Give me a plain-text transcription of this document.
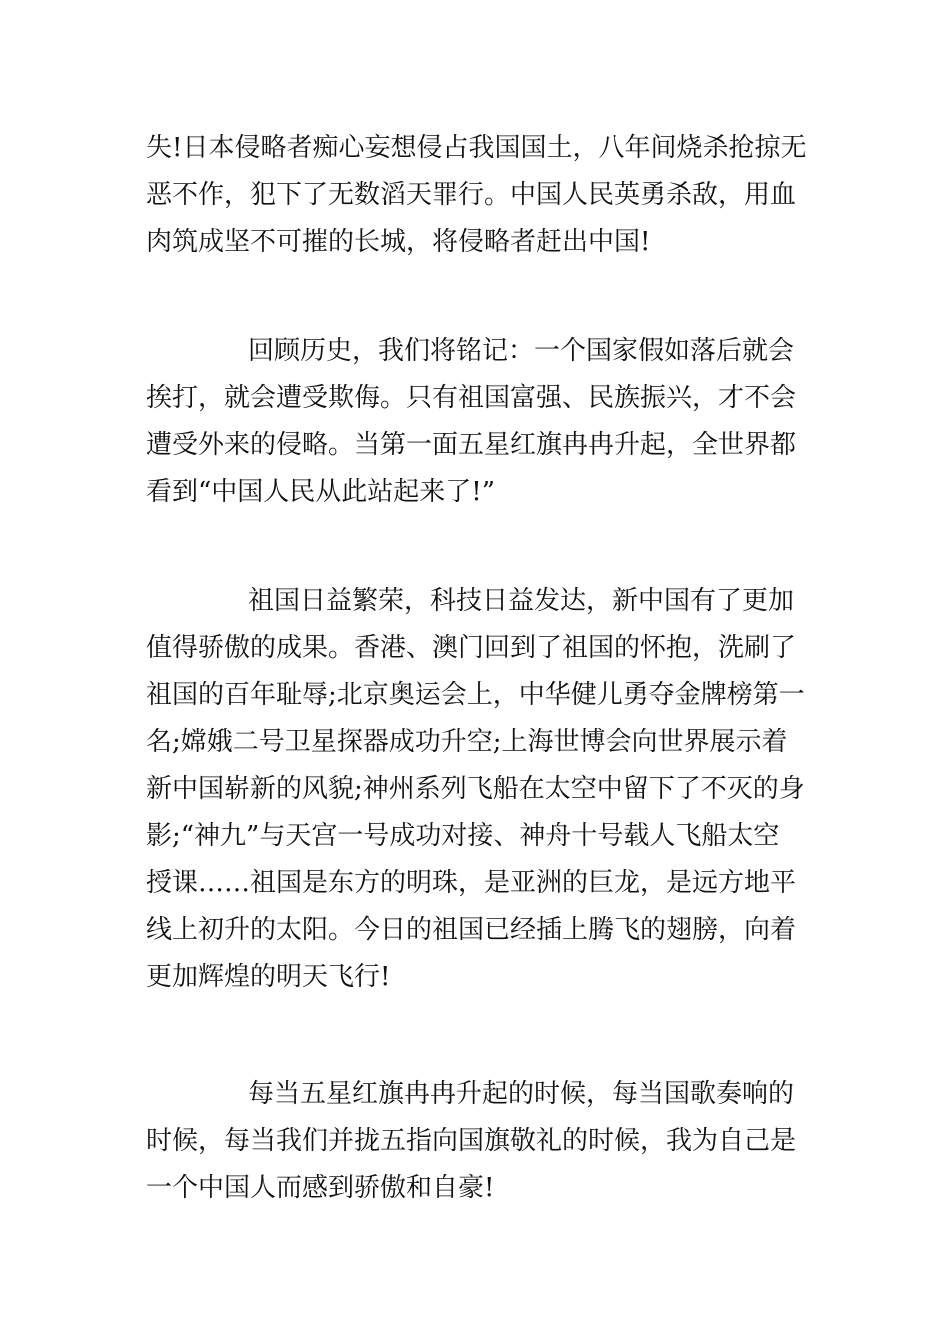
失!日本侵略者痴心妄想侵占我国国土，八年间烧杀抢掠无
恶不作，犯下了无数滔天罪行。中国人民英勇杀敌，用血
肉筑成坚不可摧的长城，将侵略者赶出中国!

回顾历史，我们将铭记：一个国家假如落后就会
挨打，就会遭受欺侮。只有祖国富强、民族振兴，才不会
遭受外来的侵略。当第一面五星红旗冉冉升起，全世界都
看到“中国人民从此站起来了!”

祖国日益繁荣，科技日益发达，新中国有了更加
值得骄傲的成果。香港、澳门回到了祖国的怀抱，洗刷了
祖国的百年耻辱;北京奥运会上，中华健儿勇夺金牌榜第一
名;嫦娥二号卫星探器成功升空;上海世博会向世界展示着
新中国崭新的风貌;神州系列飞船在太空中留下了不灭的身
影;“神九”与天宫一号成功对接、神舟十号载人飞船太空
授课……祖国是东方的明珠，是亚洲的巨龙，是远方地平
线上初升的太阳。今日的祖国已经插上腾飞的翅膀，向着
更加辉煌的明天飞行!

每当五星红旗冉冉升起的时候，每当国歌奏响的
时候，每当我们并拢五指向国旗敬礼的时候，我为自己是
一个中国人而感到骄傲和自豪!
